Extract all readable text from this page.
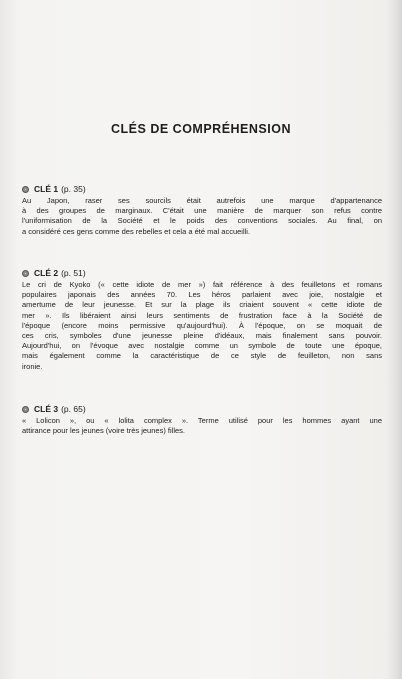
CLÉS DE COMPRÉHENSION
CLÉ 1 (p. 35)

Au Japon, raser ses sourcils était autrefois une marque d'appartenance
à des groupes de marginaux. C'était une manière de marquer son refus contre
l'uniformisation de la Société et le poids des conventions sociales. Au final, on
a considéré ces gens comme des rebelles et cela a été mal accueilli.

CLÉ 2 (p. 51)

Le cri de Kyoko (« cette idiote de mer ») fait référence à des feuilletons et romans
populaires japonais des années 70. Les héros parlaient avec joie, nostalgie et
amertume de leur jeunesse. Et sur la plage ils criaient souvent « cette idiote de
mer ». Ils libéraient ainsi leurs sentiments de frustration face à la Société de
l'époque (encore moins permissive qu'aujourd'hui). À l'époque, on se moquait de
ces cris, symboles d'une jeunesse pleine d'idéaux, mais finalement sans pouvoir.
Aujourd'hui, on l'évoque avec nostalgie comme un symbole de toute une époque,
mais également comme la caractéristique de ce style de feuilleton, non sans
ironie.

CLÉ 3 (p. 65)

« Lolicon », ou « lolita complex ». Terme utilisé pour les hommes ayant une
attirance pour les jeunes (voire très jeunes) filles.
